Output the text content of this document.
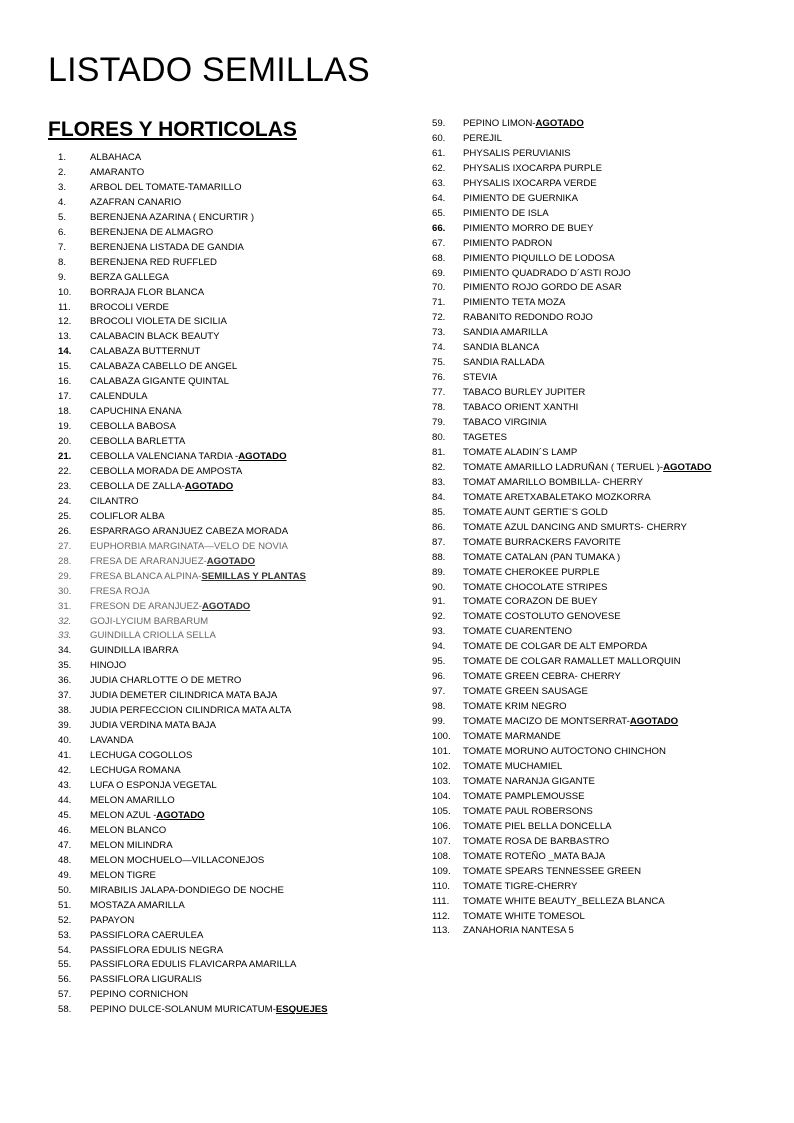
LISTADO SEMILLAS
FLORES Y HORTICOLAS
1.	ALBAHACA
2.	AMARANTO
3.	ARBOL DEL TOMATE-TAMARILLO
4.	AZAFRAN CANARIO
5.	BERENJENA AZARINA ( ENCURTIR )
6.	BERENJENA DE ALMAGRO
7.	BERENJENA LISTADA DE GANDIA
8.	BERENJENA RED RUFFLED
9.	BERZA GALLEGA
10.	BORRAJA FLOR BLANCA
11.	BROCOLI VERDE
12.	BROCOLI VIOLETA DE SICILIA
13.	CALABACIN BLACK BEAUTY
14.	CALABAZA BUTTERNUT
15.	CALABAZA CABELLO DE ANGEL
16.	CALABAZA GIGANTE QUINTAL
17.	CALENDULA
18.	CAPUCHINA ENANA
19.	CEBOLLA BABOSA
20.	CEBOLLA BARLETTA
21.	CEBOLLA VALENCIANA TARDIA - AGOTADO
22.	CEBOLLA MORADA DE AMPOSTA
23.	CEBOLLA DE ZALLA- AGOTADO
24.	CILANTRO
25.	COLIFLOR ALBA
26.	ESPARRAGO ARANJUEZ CABEZA MORADA
27.	EUPHORBIA MARGINATA—VELO DE NOVIA
28.	FRESA DE ARARANJUEZ- AGOTADO
29.	FRESA BLANCA ALPINA- SEMILLAS Y PLANTAS
30.	FRESA ROJA
31.	FRESON DE ARANJUEZ- AGOTADO
32.	GOJI-LYCIUM BARBARUM
33.	GUINDILLA CRIOLLA SELLA
34.	GUINDILLA IBARRA
35.	HINOJO
36.	JUDIA CHARLOTTE O DE METRO
37.	JUDIA DEMETER CILINDRICA MATA BAJA
38.	JUDIA PERFECCION CILINDRICA MATA ALTA
39.	JUDIA VERDINA MATA BAJA
40.	LAVANDA
41.	LECHUGA COGOLLOS
42.	LECHUGA ROMANA
43.	LUFA O ESPONJA VEGETAL
44.	MELON AMARILLO
45.	MELON AZUL - AGOTADO
46.	MELON BLANCO
47.	MELON MILINDRA
48.	MELON MOCHUELO—VILLACONEJOS
49.	MELON TIGRE
50.	MIRABILIS JALAPA-DONDIEGO DE NOCHE
51.	MOSTAZA AMARILLA
52.	PAPAYON
53.	PASSIFLORA CAERULEA
54.	PASSIFLORA EDULIS NEGRA
55.	PASSIFLORA EDULIS FLAVICARPA AMARILLA
56.	PASSIFLORA LIGURALIS
57.	PEPINO CORNICHON
58.	PEPINO DULCE-SOLANUM MURICATUM- ESQUEJES
59.	PEPINO LIMON- AGOTADO
60.	PEREJIL
61.	PHYSALIS PERUVIANIS
62.	PHYSALIS IXOCARPA PURPLE
63.	PHYSALIS IXOCARPA VERDE
64.	PIMIENTO DE GUERNIKA
65.	PIMIENTO DE ISLA
66.	PIMIENTO MORRO DE BUEY
67.	PIMIENTO PADRON
68.	PIMIENTO PIQUILLO DE LODOSA
69.	PIMIENTO QUADRADO D´ASTI ROJO
70.	PIMIENTO ROJO GORDO DE ASAR
71.	PIMIENTO TETA MOZA
72.	RABANITO REDONDO ROJO
73.	SANDIA AMARILLA
74.	SANDIA BLANCA
75.	SANDIA RALLADA
76.	STEVIA
77.	TABACO BURLEY JUPITER
78.	TABACO ORIENT XANTHI
79.	TABACO VIRGINIA
80.	TAGETES
81.	TOMATE ALADIN´S LAMP
82.	TOMATE AMARILLO LADRUÑAN ( TERUEL )- AGOTADO
83.	TOMAT AMARILLO BOMBILLA- CHERRY
84.	TOMATE ARETXABALETAKO MOZKORRA
85.	TOMATE AUNT GERTIE¨S GOLD
86.	TOMATE AZUL DANCING AND SMURTS- CHERRY
87.	TOMATE BURRACKERS FAVORITE
88.	TOMATE CATALAN (PAN TUMAKA )
89.	TOMATE CHEROKEE PURPLE
90.	TOMATE CHOCOLATE STRIPES
91.	TOMATE CORAZON DE BUEY
92.	TOMATE COSTOLUTO GENOVESE
93.	TOMATE CUARENTENO
94.	TOMATE DE COLGAR DE ALT EMPORDA
95.	TOMATE DE COLGAR RAMALLET MALLORQUIN
96.	TOMATE GREEN CEBRA- CHERRY
97.	TOMATE GREEN SAUSAGE
98.	TOMATE KRIM NEGRO
99.	TOMATE MACIZO DE MONTSERRAT- AGOTADO
100.	TOMATE MARMANDE
101.	TOMATE MORUNO AUTOCTONO CHINCHON
102.	TOMATE MUCHAMIEL
103.	TOMATE NARANJA GIGANTE
104.	TOMATE PAMPLEMOUSSE
105.	TOMATE PAUL ROBERSONS
106.	TOMATE PIEL BELLA DONCELLA
107.	TOMATE ROSA DE BARBASTRO
108.	TOMATE ROTEÑO _MATA BAJA
109.	TOMATE SPEARS TENNESSEE GREEN
110.	TOMATE TIGRE-CHERRY
111.	TOMATE WHITE BEAUTY_BELLEZA BLANCA
112.	TOMATE WHITE TOMESOL
113.	ZANAHORIA NANTESA 5
